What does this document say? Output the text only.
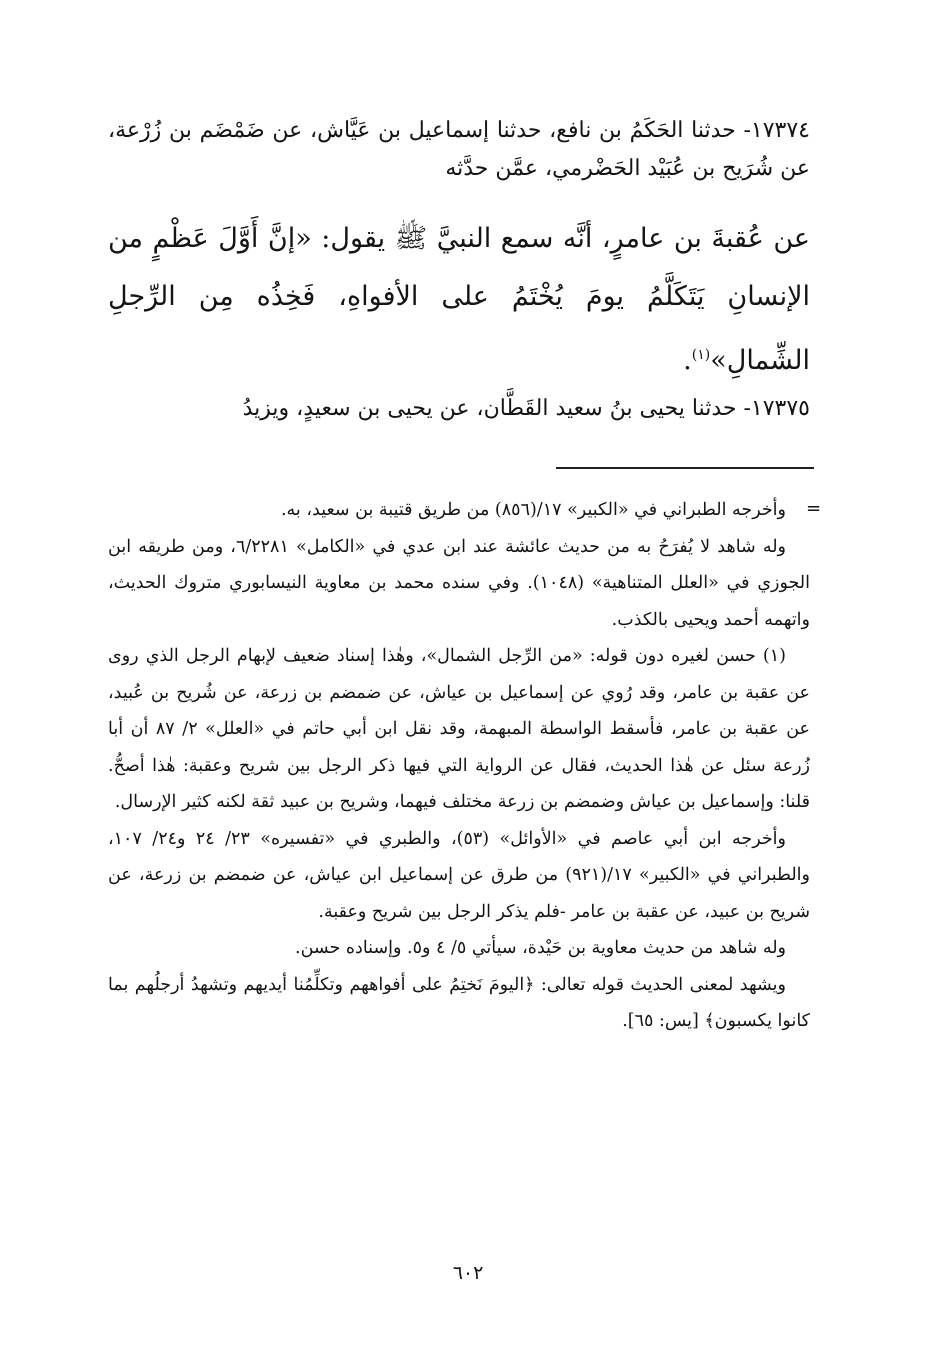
١٧٣٧٤- حدثنا الحَكَمُ بن نافع، حدثنا إسماعيل بن عَيَّاش، عن ضَمْضَم بن زُرْعة، عن شُرَيح بن عُبَيْد الحَضْرمي، عمَّن حدَّثه
عن عُقبةَ بن عامرٍ، أنَّه سمع النبيَّ ﷺ يقول: «إنَّ أَوَّلَ عَظْمٍ من الإنسانِ يَتَكَلَّمُ يومَ يُخْتَمُ على الأفواهِ، فَخِذُه مِن الرِّجلِ الشِّمالِ»$^{(١)}$.
١٧٣٧٥- حدثنا يحيى بنُ سعيد القَطَّان، عن يحيى بن سعيدٍ، ويزيدُ
=

وأخرجه الطبراني في «الكبير» ١٧/(٨٥٦) من طريق قتيبة بن سعيد، به.

وله شاهد لا يُفرَحُ به من حديث عائشة عند ابن عدي في «الكامل» ٦/٢٢٨١، ومن طريقه ابن الجوزي في «العلل المتناهية» (١٠٤٨). وفي سنده محمد بن معاوية النيسابوري متروك الحديث، واتهمه أحمد ويحيى بالكذب.

(١) حسن لغيره دون قوله: «من الرِّجل الشمال»، وهٰذا إسناد ضعيف لإبهام الرجل الذي روى عن عقبة بن عامر، وقد رُوي عن إسماعيل بن عياش، عن ضمضم بن زرعة، عن شُريح بن عُبيد، عن عقبة بن عامر، فأسقط الواسطة المبهمة، وقد نقل ابن أبي حاتم في «العلل» ٢/ ٨٧ أن أبا زُرعة سئل عن هٰذا الحديث، فقال عن الرواية التي فيها ذكر الرجل بين شريح وعقبة: هٰذا أصحُّ. قلنا: وإسماعيل بن عياش وضمضم بن زرعة مختلف فيهما، وشريح بن عبيد ثقة لكنه كثير الإرسال.

وأخرجه ابن أبي عاصم في «الأوائل» (٥٣)، والطبري في «تفسيره» ٢٣/ ٢٤ و٢٤/ ١٠٧، والطبراني في «الكبير» ١٧/(٩٢١) من طرق عن إسماعيل ابن عياش، عن ضمضم بن زرعة، عن شريح بن عبيد، عن عقبة بن عامر -فلم يذكر الرجل بين شريح وعقبة.

وله شاهد من حديث معاوية بن حَيْدة، سيأتي ٥/ ٤ و٥. وإسناده حسن.

ويشهد لمعنى الحديث قوله تعالى: ﴿اليومَ نَختِمُ على أفواههم وتكلِّمُنا أيديهم وتشهدُ أرجلُهم بما كانوا يكسبون﴾ [يس: ٦٥].

٦٠٢
